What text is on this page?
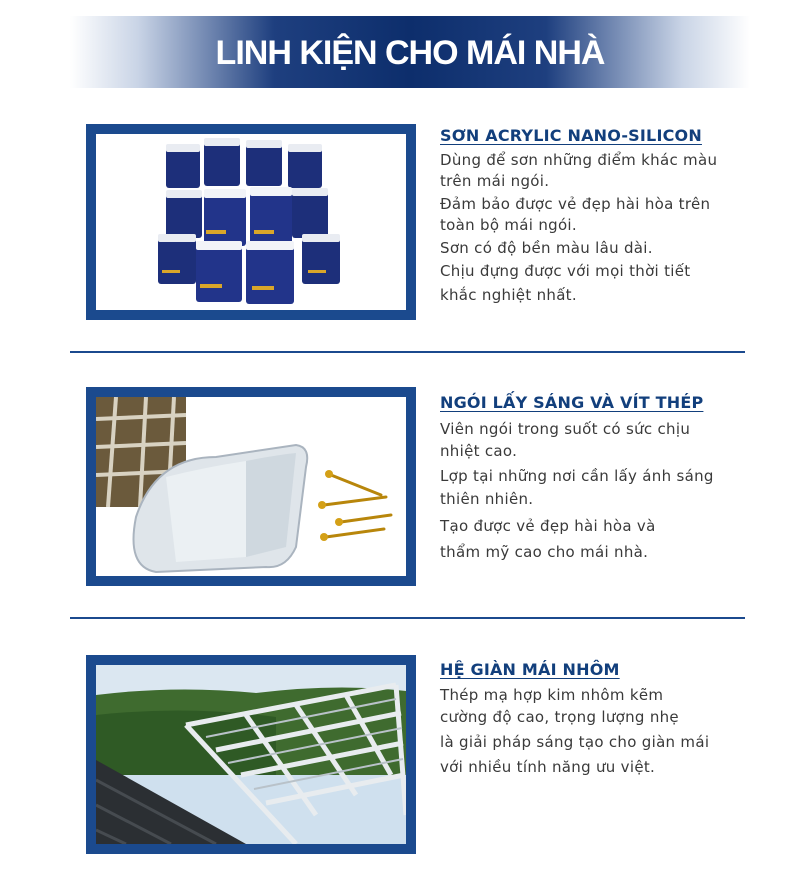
LINH KIỆN CHO MÁI NHÀ
SƠN ACRYLIC NANO-SILICON
Dùng để sơn những điểm khác màu
trên mái ngói.
Đảm bảo được vẻ đẹp hài hòa trên
toàn bộ mái ngói.
Sơn có độ bền màu lâu dài.
Chịu đựng được với mọi thời tiết
khắc nghiệt nhất.
NGÓI LẤY SÁNG VÀ VÍT THÉP
Viên ngói trong suốt có sức chịu
nhiệt cao.
Lợp tại những nơi cần lấy ánh sáng
thiên nhiên.
Tạo được vẻ đẹp hài hòa và
thẩm mỹ cao cho mái nhà.
HỆ GIÀN MÁI NHÔM
Thép mạ hợp kim nhôm kẽm
cường độ cao, trọng lượng nhẹ
là giải pháp sáng tạo cho giàn mái
với nhiều tính năng ưu việt.
